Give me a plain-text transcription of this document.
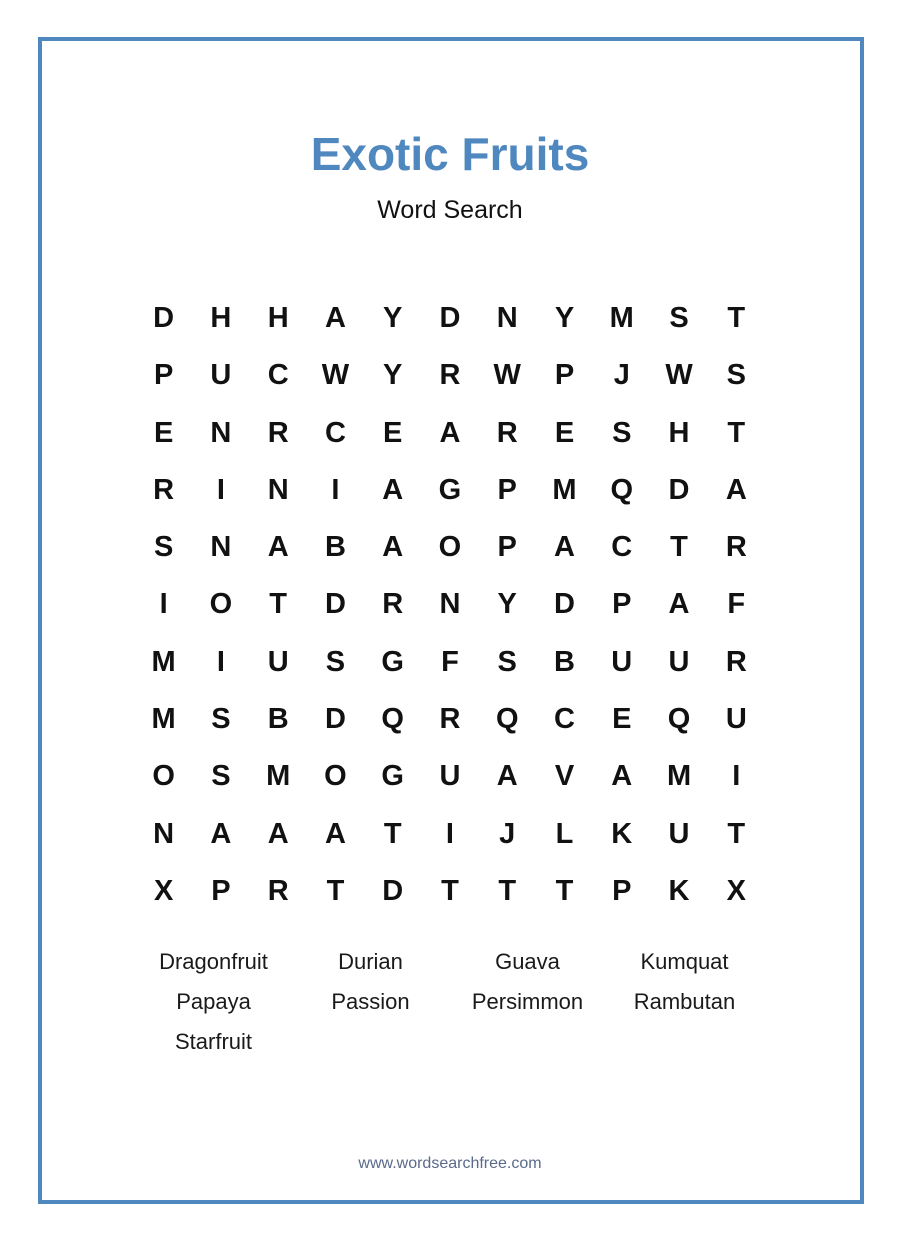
Exotic Fruits
Word Search
D	H	H	A	Y	D	N	Y	M	S	T
P	U	C	W	Y	R	W	P	J	W	S
E	N	R	C	E	A	R	E	S	H	T
R	I	N	I	A	G	P	M	Q	D	A
S	N	A	B	A	O	P	A	C	T	R
I	O	T	D	R	N	Y	D	P	A	F
M	I	U	S	G	F	S	B	U	U	R
M	S	B	D	Q	R	Q	C	E	Q	U
O	S	M	O	G	U	A	V	A	M	I
N	A	A	A	T	I	J	L	K	U	T
X	P	R	T	D	T	T	T	P	K	X
Dragonfruit	Durian	Guava	Kumquat
Papaya	Passion	Persimmon	Rambutan
Starfruit
www.wordsearchfree.com
